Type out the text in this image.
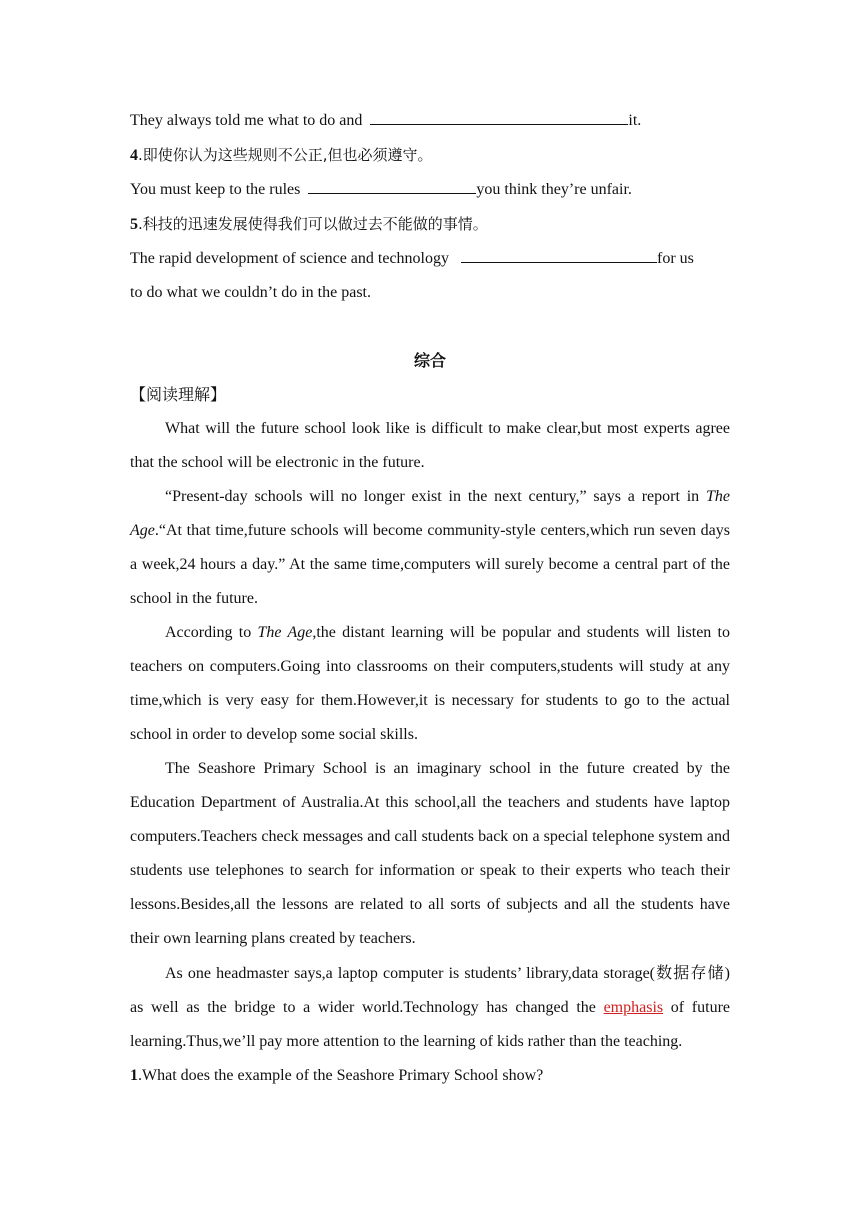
They always told me what to do and	it.
4.即使你认为这些规则不公正,但也必须遵守。
You must keep to the rules	you think they’re unfair.
5.科技的迅速发展使得我们可以做过去不能做的事情。
The rapid development of science and technology	for us
to do what we couldn’t do in the past.
综合
【阅读理解】
What will the future school look like is difficult to make clear,but most experts agree that the school will be electronic in the future.
“Present-day schools will no longer exist in the next century,” says a report in The Age.“At that time,future schools will become community-style centers,which run seven days a week,24 hours a day.” At the same time,computers will surely become a central part of the school in the future.
According to The Age,the distant learning will be popular and students will listen to teachers on computers.Going into classrooms on their computers,students will study at any time,which is very easy for them.However,it is necessary for students to go to the actual school in order to develop some social skills.
The Seashore Primary School is an imaginary school in the future created by the Education Department of Australia.At this school,all the teachers and students have laptop computers.Teachers check messages and call students back on a special telephone system and students use telephones to search for information or speak to their experts who teach their lessons.Besides,all the lessons are related to all sorts of subjects and all the students have their own learning plans created by teachers.
As one headmaster says,a laptop computer is students’ library,data storage(数据存储) as well as the bridge to a wider world.Technology has changed the emphasis of future learning.Thus,we’ll pay more attention to the learning of kids rather than the teaching.
1.What does the example of the Seashore Primary School show?
